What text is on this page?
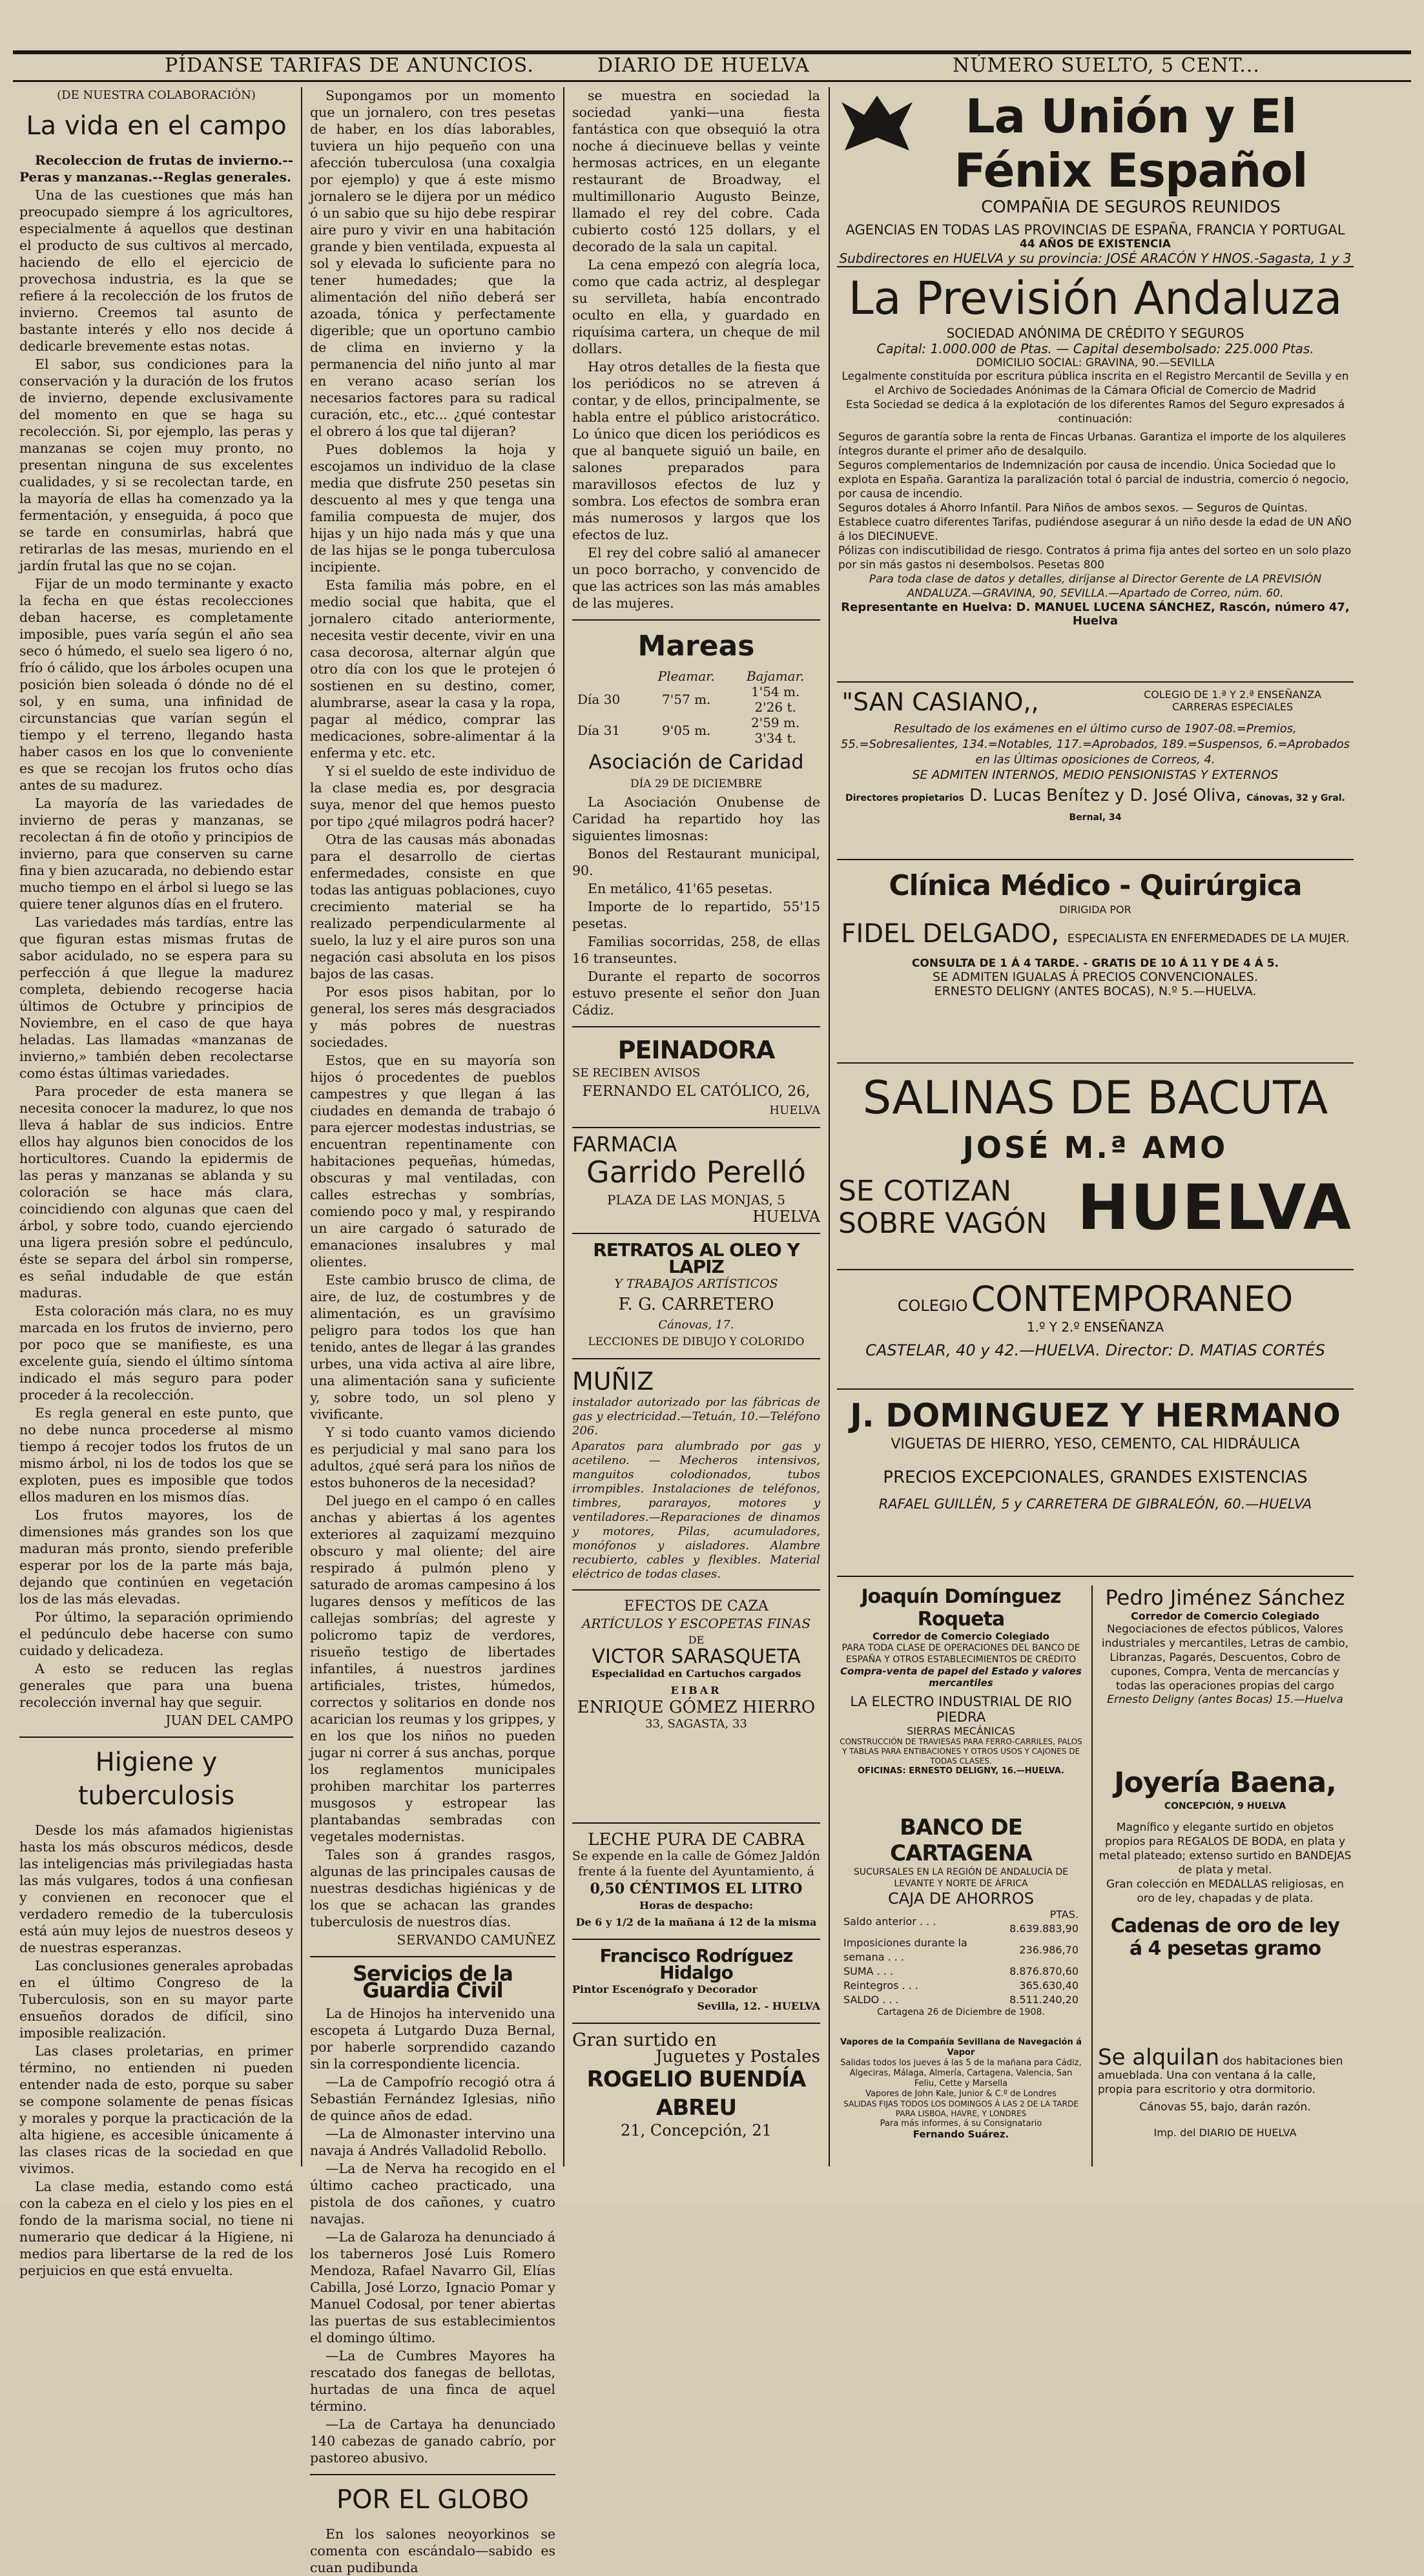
PÍDANSE TARIFAS DE ANUNCIOS.	DIARIO DE HUELVA	NÚMERO SUELTO, 5 CENT...

(DE NUESTRA COLABORACIÓN)

La vida en el campo

Recoleccion de frutas de invierno.--Peras y manzanas.--Reglas generales.

Una de las cuestiones que más han preocupado siempre á los agricultores, especialmente á aquellos que destinan el producto de sus cultivos al mercado, haciendo de ello el ejercicio de provechosa industria, es la que se refiere á la recolección de los frutos de invierno. Creemos tal asunto de bastante interés y ello nos decide á dedicarle brevemente estas notas.

El sabor, sus condiciones para la conservación y la duración de los frutos de invierno, depende exclusivamente del momento en que se haga su recolección. Si, por ejemplo, las peras y manzanas se cojen muy pronto, no presentan ninguna de sus excelentes cualidades, y si se recolectan tarde, en la mayoría de ellas ha comenzado ya la fermentación, y enseguida, á poco que se tarde en consumirlas, habrá que retirarlas de las mesas, muriendo en el jardín frutal las que no se cojan.

Fijar de un modo terminante y exacto la fecha en que éstas recolecciones deban hacerse, es completamente imposible, pues varía según el año sea seco ó húmedo, el suelo sea ligero ó no, frío ó cálido, que los árboles ocupen una posición bien soleada ó dónde no dé el sol, y en suma, una infinidad de circunstancias que varían según el tiempo y el terreno, llegando hasta haber casos en los que lo conveniente es que se recojan los frutos ocho días antes de su madurez.

La mayoría de las variedades de invierno de peras y manzanas, se recolectan á fin de otoño y principios de invierno, para que conserven su carne fina y bien azucarada, no debiendo estar mucho tiempo en el árbol si luego se las quiere tener algunos días en el frutero.

Las variedades más tardías, entre las que figuran estas mismas frutas de sabor acidulado, no se espera para su perfección á que llegue la madurez completa, debiendo recogerse hacia últimos de Octubre y principios de Noviembre, en el caso de que haya heladas. Las llamadas «manzanas de invierno,» también deben recolectarse como éstas últimas variedades.

Para proceder de esta manera se necesita conocer la madurez, lo que nos lleva á hablar de sus indicios. Entre ellos hay algunos bien conocidos de los horticultores. Cuando la epidermis de las peras y manzanas se ablanda y su coloración se hace más clara, coincidiendo con algunas que caen del árbol, y sobre todo, cuando ejerciendo una ligera presión sobre el pedúnculo, éste se separa del árbol sin romperse, es señal indudable de que están maduras.

Esta coloración más clara, no es muy marcada en los frutos de invierno, pero por poco que se manifieste, es una excelente guía, siendo el último síntoma indicado el más seguro para poder proceder á la recolección.

Es regla general en este punto, que no debe nunca procederse al mismo tiempo á recojer todos los frutos de un mismo árbol, ni los de todos los que se exploten, pues es imposible que todos ellos maduren en los mismos días.

Los frutos mayores, los de dimensiones más grandes son los que maduran más pronto, siendo preferible esperar por los de la parte más baja, dejando que continúen en vegetación los de las más elevadas.

Por último, la separación oprimiendo el pedúnculo debe hacerse con sumo cuidado y delicadeza.

A esto se reducen las reglas generales que para una buena recolección invernal hay que seguir.

JUAN DEL CAMPO

Higiene y tuberculosis

Desde los más afamados higienistas hasta los más obscuros médicos, desde las inteligencias más privilegiadas hasta las más vulgares, todos á una confiesan y convienen en reconocer que el verdadero remedio de la tuberculosis está aún muy lejos de nuestros deseos y de nuestras esperanzas.

Las conclusiones generales aprobadas en el último Congreso de la Tuberculosis, son en su mayor parte ensueños dorados de difícil, sino imposible realización.

Las clases proletarias, en primer término, no entienden ni pueden entender nada de esto, porque su saber se compone solamente de penas físicas y morales y porque la practicación de la alta higiene, es accesible únicamente á las clases ricas de la sociedad en que vivimos.

La clase media, estando como está con la cabeza en el cielo y los pies en el fondo de la marisma social, no tiene ni numerario que dedicar á la Higiene, ni medios para libertarse de la red de los perjuicios en que está envuelta.

Supongamos por un momento que un jornalero, con tres pesetas de haber, en los días laborables, tuviera un hijo pequeño con una afección tuberculosa (una coxalgia por ejemplo) y que á este mismo jornalero se le dijera por un médico ó un sabio que su hijo debe respirar aire puro y vivir en una habitación grande y bien ventilada, expuesta al sol y elevada lo suficiente para no tener humedades; que la alimentación del niño deberá ser azoada, tónica y perfectamente digerible; que un oportuno cambio de clima en invierno y la permanencia del niño junto al mar en verano acaso serían los necesarios factores para su radical curación, etc., etc... ¿qué contestar el obrero á los que tal dijeran?

Pues doblemos la hoja y escojamos un individuo de la clase media que disfrute 250 pesetas sin descuento al mes y que tenga una familia compuesta de mujer, dos hijas y un hijo nada más y que una de las hijas se le ponga tuberculosa incipiente.

Esta familia más pobre, en el medio social que habita, que el jornalero citado anteriormente, necesita vestir decente, vivir en una casa decorosa, alternar algún que otro día con los que le protejen ó sostienen en su destino, comer, alumbrarse, asear la casa y la ropa, pagar al médico, comprar las medicaciones, sobre-alimentar á la enferma y etc. etc.

Y si el sueldo de este individuo de la clase media es, por desgracia suya, menor del que hemos puesto por tipo ¿qué milagros podrá hacer?

Otra de las causas más abonadas para el desarrollo de ciertas enfermedades, consiste en que todas las antiguas poblaciones, cuyo crecimiento material se ha realizado perpendicularmente al suelo, la luz y el aire puros son una negación casi absoluta en los pisos bajos de las casas.

Por esos pisos habitan, por lo general, los seres más desgraciados y más pobres de nuestras sociedades.

Estos, que en su mayoría son hijos ó procedentes de pueblos campestres y que llegan á las ciudades en demanda de trabajo ó para ejercer modestas industrias, se encuentran repentinamente con habitaciones pequeñas, húmedas, obscuras y mal ventiladas, con calles estrechas y sombrías, comiendo poco y mal, y respirando un aire cargado ó saturado de emanaciones insalubres y mal olientes.

Este cambio brusco de clima, de aire, de luz, de costumbres y de alimentación, es un gravísimo peligro para todos los que han tenido, antes de llegar á las grandes urbes, una vida activa al aire libre, una alimentación sana y suficiente y, sobre todo, un sol pleno y vivificante.

Y si todo cuanto vamos diciendo es perjudicial y mal sano para los adultos, ¿qué será para los niños de estos buhoneros de la necesidad?

Del juego en el campo ó en calles anchas y abiertas á los agentes exteriores al zaquizamí mezquino obscuro y mal oliente; del aire respirado á pulmón pleno y saturado de aromas campesino á los lugares densos y mefíticos de las callejas sombrías; del agreste y policromo tapiz de verdores, risueño testigo de libertades infantiles, á nuestros jardines artificiales, tristes, húmedos, correctos y solitarios en donde nos acarician los reumas y los grippes, y en los que los niños no pueden jugar ni correr á sus anchas, porque los reglamentos municipales prohiben marchitar los parterres musgosos y estropear las plantabandas sembradas con vegetales modernistas.

Tales son á grandes rasgos, algunas de las principales causas de nuestras desdichas higiénicas y de los que se achacan las grandes tuberculosis de nuestros días.

SERVANDO CAMUÑEZ

Servicios de la Guardia Civil

La de Hinojos ha intervenido una escopeta á Lutgardo Duza Bernal, por haberle sorprendido cazando sin la correspondiente licencia.

—La de Campofrío recogió otra á Sebastián Fernández Iglesias, niño de quince años de edad.

—La de Almonaster intervino una navaja á Andrés Valladolid Rebollo.

—La de Nerva ha recogido en el último cacheo practicado, una pistola de dos cañones, y cuatro navajas.

—La de Galaroza ha denunciado á los taberneros José Luis Romero Mendoza, Rafael Navarro Gil, Elías Cabilla, José Lorzo, Ignacio Pomar y Manuel Codosal, por tener abiertas las puertas de sus establecimientos el domingo último.

—La de Cumbres Mayores ha rescatado dos fanegas de bellotas, hurtadas de una finca de aquel término.

—La de Cartaya ha denunciado 140 cabezas de ganado cabrío, por pastoreo abusivo.

POR EL GLOBO

En los salones neoyorkinos se comenta con escándalo—sabido es cuan pudibunda

se muestra en sociedad la sociedad yanki—una fiesta fantástica con que obsequió la otra noche á diecinueve bellas y veinte hermosas actrices, en un elegante restaurant de Broadway, el multimillonario Augusto Beinze, llamado el rey del cobre. Cada cubierto costó 125 dollars, y el decorado de la sala un capital.

La cena empezó con alegría loca, como que cada actriz, al desplegar su servilleta, había encontrado oculto en ella, y guardado en riquísima cartera, un cheque de mil dollars.

Hay otros detalles de la fiesta que los periódicos no se atreven á contar, y de ellos, principalmente, se habla entre el público aristocrático. Lo único que dicen los periódicos es que al banquete siguió un baile, en salones preparados para maravillosos efectos de luz y sombra. Los efectos de sombra eran más numerosos y largos que los efectos de luz.

El rey del cobre salió al amanecer un poco borracho, y convencido de que las actrices son las más amables de las mujeres.

Mareas
	Pleamar.	Bajamar.
Día 30	7'57 m.	1'54 m.
2'26 t.
Día 31	9'05 m.	2'59 m.
3'34 t.
Asociación de Caridad

DÍA 29 DE DICIEMBRE

La Asociación Onubense de Caridad ha repartido hoy las siguientes limosnas:

Bonos del Restaurant municipal, 90.

En metálico, 41'65 pesetas.

Importe de lo repartido, 55'15 pesetas.

Familias socorridas, 258, de ellas 16 transeuntes.

Durante el reparto de socorros estuvo presente el señor don Juan Cádiz.

PEINADORA
SE RECIBEN AVISOS
FERNANDO EL CATÓLICO, 26,
HUELVA
FARMACIA
Garrido Perelló
PLAZA DE LAS MONJAS, 5
HUELVA
RETRATOS AL OLEO Y LAPIZ
Y TRABAJOS ARTÍSTICOS
F. G. CARRETERO
Cánovas, 17.
LECCIONES DE DIBUJO Y COLORIDO
MUÑIZ

instalador autorizado por las fábricas de gas y electricidad.—Tetuán, 10.—Teléfono 206.

Aparatos para alumbrado por gas y acetileno. — Mecheros intensivos, manguitos colodionados, tubos irrompibles. Instalaciones de teléfonos, timbres, pararayos, motores y ventiladores.—Reparaciones de dinamos y motores, Pilas, acumuladores, monófonos y aisladores. Alambre recubierto, cables y flexibles. Material eléctrico de todas clases.

EFECTOS DE CAZA
ARTÍCULOS Y ESCOPETAS FINAS
DE
VICTOR SARASQUETA
Especialidad en Cartuchos cargados
EIBAR
ENRIQUE GÓMEZ HIERRO
33, SAGASTA, 33
La Unión y El Fénix Español
COMPAÑIA DE SEGUROS REUNIDOS
AGENCIAS EN TODAS LAS PROVINCIAS DE ESPAÑA, FRANCIA Y PORTUGAL
44 AÑOS DE EXISTENCIA
Subdirectores en HUELVA y su provincia: JOSÉ ARACÓN Y HNOS.-Sagasta, 1 y 3
La Previsión Andaluza
SOCIEDAD ANÓNIMA DE CRÉDITO Y SEGUROS
Capital: 1.000.000 de Ptas. — Capital desembolsado: 225.000 Ptas.
DOMICILIO SOCIAL: GRAVINA, 90.—SEVILLA
Legalmente constituída por escritura pública inscrita en el Registro Mercantil de Sevilla y en el Archivo de Sociedades Anónimas de la Cámara Oficial de Comercio de Madrid
Esta Sociedad se dedica á la explotación de los diferentes Ramos del Seguro expresados á continuación:
Seguros de garantía sobre la renta de Fincas Urbanas. Garantiza el importe de los alquileres íntegros durante el primer año de desalquilo.
Seguros complementarios de Indemnización por causa de incendio. Única Sociedad que lo explota en España. Garantiza la paralización total ó parcial de industria, comercio ó negocio, por causa de incendio.
Seguros dotales á Ahorro Infantil. Para Niños de ambos sexos. — Seguros de Quintas. Establece cuatro diferentes Tarifas, pudiéndose asegurar á un niño desde la edad de UN AÑO á los DIECINUEVE.
Pólizas con indiscutibilidad de riesgo. Contratos á prima fija antes del sorteo en un solo plazo por sin más gastos ni desembolsos. Pesetas 800
Para toda clase de datos y detalles, diríjanse al Director Gerente de LA PREVISIÓN ANDALUZA.—GRAVINA, 90, SEVILLA.—Apartado de Correo, núm. 60.
Representante en Huelva: D. MANUEL LUCENA SÁNCHEZ, Rascón, número 47, Huelva
"SAN CASIANO,,	COLEGIO DE 1.ª Y 2.ª ENSEÑANZA
CARRERAS ESPECIALES
Resultado de los exámenes en el último curso de 1907-08.=Premios, 55.=Sobresalientes, 134.=Notables, 117.=Aprobados, 189.=Suspensos, 6.=Aprobados en las Últimas oposiciones de Correos, 4.
SE ADMITEN INTERNOS, MEDIO PENSIONISTAS Y EXTERNOS
Directores propietarios D. Lucas Benítez y D. José Oliva, Cánovas, 32 y Gral. Bernal, 34
Clínica Médico - Quirúrgica
DIRIGIDA POR
FIDEL DELGADO, ESPECIALISTA EN ENFERMEDADES DE LA MUJER.
CONSULTA DE 1 Á 4 TARDE. - GRATIS DE 10 Á 11 Y DE 4 Á 5.
SE ADMITEN IGUALAS Á PRECIOS CONVENCIONALES.
ERNESTO DELIGNY (ANTES BOCAS), N.º 5.—HUELVA.
SALINAS DE BACUTA
JOSÉ M.ª AMO
SE COTIZAN
SOBRE VAGÓN HUELVA
COLEGIO CONTEMPORANEO
1.º Y 2.º ENSEÑANZA
CASTELAR, 40 y 42.—HUELVA. Director: D. MATIAS CORTÉS
J. DOMINGUEZ Y HERMANO
VIGUETAS DE HIERRO, YESO, CEMENTO, CAL HIDRÁULICA
PRECIOS EXCEPCIONALES, GRANDES EXISTENCIAS
RAFAEL GUILLÉN, 5 y CARRETERA DE GIBRALEÓN, 60.—HUELVA
Joaquín Domínguez Roqueta
Corredor de Comercio Colegiado
PARA TODA CLASE DE OPERACIONES DEL BANCO DE ESPAÑA Y OTROS ESTABLECIMIENTOS DE CRÉDITO
Compra-venta de papel del Estado y valores mercantiles
LA ELECTRO INDUSTRIAL DE RIO PIEDRA
SIERRAS MECÁNICAS
CONSTRUCCIÓN DE TRAVIESAS PARA FERRO-CARRILES, PALOS Y TABLAS PARA ENTIBACIONES Y OTROS USOS Y CAJONES DE TODAS CLASES.
OFICINAS: ERNESTO DELIGNY, 16.—HUELVA.
Pedro Jiménez Sánchez
Corredor de Comercio Colegiado
Negociaciones de efectos públicos, Valores industriales y mercantiles, Letras de cambio, Libranzas, Pagarés, Descuentos, Cobro de cupones, Compra, Venta de mercancías y todas las operaciones propias del cargo
Ernesto Deligny (antes Bocas) 15.—Huelva
BANCO DE CARTAGENA
SUCURSALES EN LA REGIÓN DE ANDALUCÍA DE LEVANTE Y NORTE DE ÁFRICA
CAJA DE AHORROS
Saldo anterior . . .	PTAS. 8.639.883,90
Imposiciones durante la semana . . .	236.986,70
SUMA . . .	8.876.870,60
Reintegros . . .	365.630,40
SALDO . . .	8.511.240,20
Cartagena 26 de Diciembre de 1908.
Joyería Baena, CONCEPCIÓN, 9 HUELVA
Magnífico y elegante surtido en objetos propios para REGALOS DE BODA, en plata y metal plateado; extenso surtido en BANDEJAS de plata y metal.
Gran colección en MEDALLAS religiosas, en oro de ley, chapadas y de plata.
Cadenas de oro de ley
á 4 pesetas gramo
Vapores de la Compañía Sevillana de Navegación á Vapor
Salidas todos los jueves á las 5 de la mañana para Cádiz, Algeciras, Málaga, Almería, Cartagena, Valencia, San Feliu, Cette y Marsella
Vapores de John Kale, Junior & C.º de Londres
SALIDAS FIJAS TODOS LOS DOMINGOS Á LAS 2 DE LA TARDE PARA LISBOA, HAVRE, Y LONDRES
Para más informes, á su Consignatario
Fernando Suárez.
Se alquilan dos habitaciones bien amueblada. Una con ventana á la calle, propia para escritorio y otra dormitorio.
Cánovas 55, bajo, darán razón.
Imp. del DIARIO DE HUELVA
LECHE PURA DE CABRA

Se expende en la calle de Gómez Jaldón frente á la fuente del Ayuntamiento, á

0,50 CÉNTIMOS EL LITRO
Horas de despacho:
De 6 y 1/2 de la mañana á 12 de la misma
Francisco Rodríguez Hidalgo
Pintor Escenógrafo y Decorador
Sevilla, 12. - HUELVA
Gran surtido en
Juguetes y Postales
ROGELIO BUENDÍA ABREU
21, Concepción, 21
